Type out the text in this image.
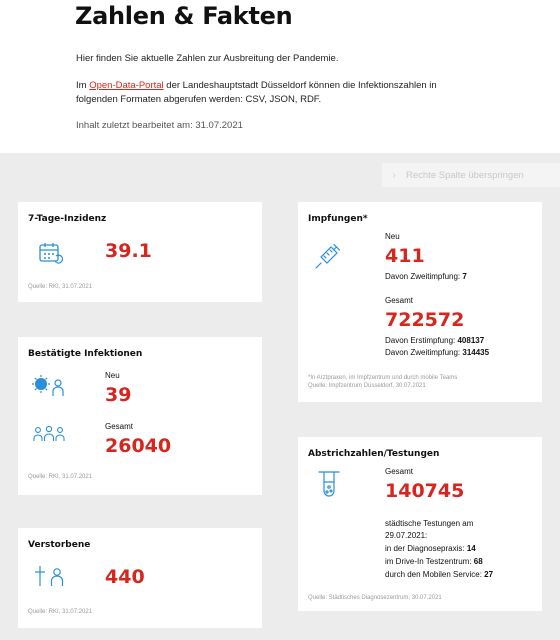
Zahlen & Fakten
Hier finden Sie aktuelle Zahlen zur Ausbreitung der Pandemie.
Im Open-Data-Portal der Landeshauptstadt Düsseldorf können die Infektionszahlen in
folgenden Formaten abgerufen werden: CSV, JSON, RDF.
Inhalt zuletzt bearbeitet am: 31.07.2021
›	Rechte Spalte überspringen
7-Tage-Inzidenz
39.1
Quelle: RKI, 31.07.2021
Bestätigte Infektionen
Neu
39
Gesamt
26040
Quelle: RKI, 31.07.2021
Verstorbene
440
Quelle: RKI, 31.07.2021
Impfungen*
Neu
411
Davon Zweitimpfung: 7
Gesamt
722572
Davon Erstimpfung: 408137
Davon Zweitimpfung: 314435
*In Arztpraxen, im Impfzentrum und durch mobile Teams
Quelle: Impfzentrum Düsseldorf, 30.07.2021
Abstrichzahlen/Testungen
Gesamt
140745
städtische Testungen am
29.07.2021:
in der Diagnosepraxis: 14
im Drive-In Testzentrum: 68
durch den Mobilen Service: 27
Quelle: Städtisches Diagnosezentrum, 30.07.2021
